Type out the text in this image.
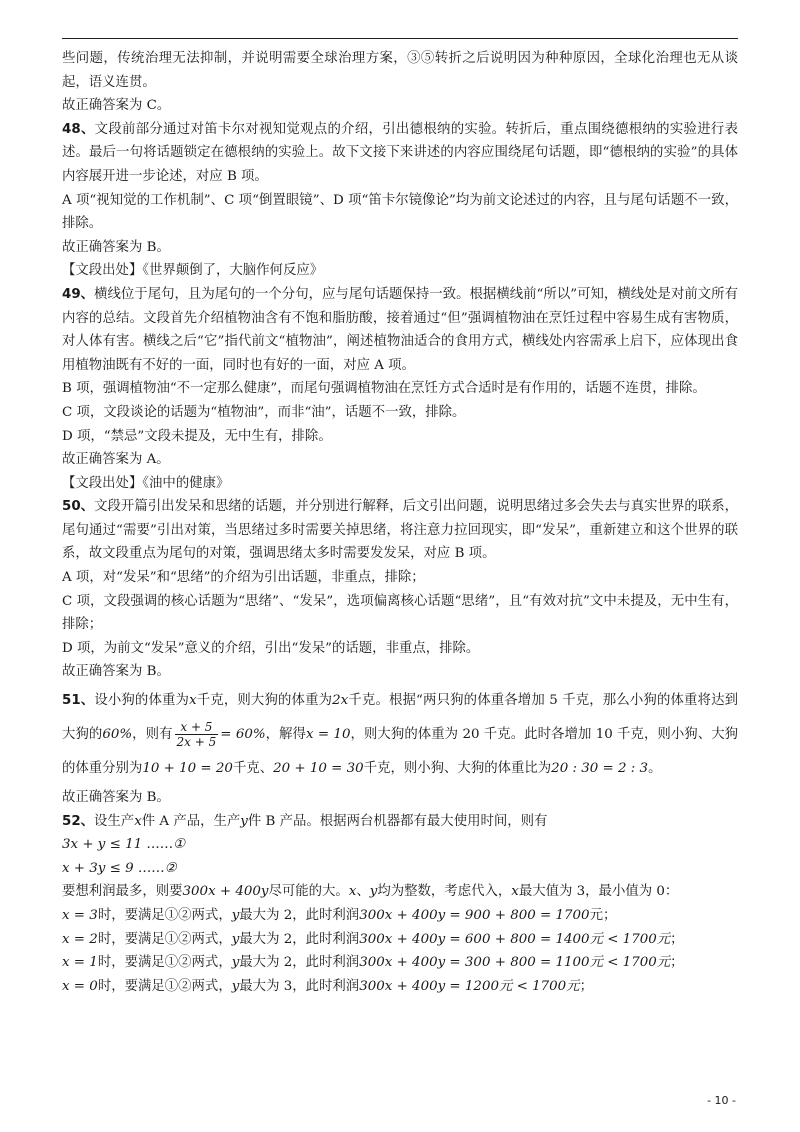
些问题，传统治理无法抑制，并说明需要全球治理方案，③⑤转折之后说明因为种种原因，全球化治理也无从谈起，语义连贯。

故正确答案为 C。

48、文段前部分通过对笛卡尔对视知觉观点的介绍，引出德根纳的实验。转折后，重点围绕德根纳的实验进行表述。最后一句将话题锁定在德根纳的实验上。故下文接下来讲述的内容应围绕尾句话题，即“德根纳的实验”的具体内容展开进一步论述，对应 B 项。

A 项“视知觉的工作机制”、C 项“倒置眼镜”、D 项“笛卡尔镜像论”均为前文论述过的内容，且与尾句话题不一致，排除。

故正确答案为 B。

【文段出处】《世界颠倒了，大脑作何反应》

49、横线位于尾句，且为尾句的一个分句，应与尾句话题保持一致。根据横线前“所以”可知，横线处是对前文所有内容的总结。文段首先介绍植物油含有不饱和脂肪酸，接着通过“但”强调植物油在烹饪过程中容易生成有害物质，对人体有害。横线之后“它”指代前文“植物油”，阐述植物油适合的食用方式，横线处内容需承上启下，应体现出食用植物油既有不好的一面，同时也有好的一面，对应 A 项。

B 项，强调植物油“不一定那么健康”，而尾句强调植物油在烹饪方式合适时是有作用的，话题不连贯，排除。

C 项，文段谈论的话题为“植物油”，而非“油”，话题不一致，排除。

D 项，“禁忌”文段未提及，无中生有，排除。

故正确答案为 A。

【文段出处】《油中的健康》

50、文段开篇引出发呆和思绪的话题，并分别进行解释，后文引出问题，说明思绪过多会失去与真实世界的联系，尾句通过“需要”引出对策，当思绪过多时需要关掉思绪，将注意力拉回现实，即“发呆”，重新建立和这个世界的联系，故文段重点为尾句的对策，强调思绪太多时需要发发呆，对应 B 项。

A 项，对“发呆”和“思绪”的介绍为引出话题，非重点，排除；

C 项，文段强调的核心话题为“思绪”、“发呆”，选项偏离核心话题“思绪”，且“有效对抗”文中未提及，无中生有，排除；

D 项，为前文“发呆”意义的介绍，引出“发呆”的话题，非重点，排除。

故正确答案为 B。

51、设小狗的体重为x千克，则大狗的体重为2x千克。根据“两只狗的体重各增加 5 千克，那么小狗的体重将达到大狗的60%，则有 $\frac{x + 5}{2x + 5} = 60\%$，解得x = 10，则大狗的体重为 20 千克。此时各增加 10 千克，则小狗、大狗的体重分别为10 + 10 = 20千克、20 + 10 = 30千克，则小狗、大狗的体重比为20 : 30 = 2 : 3。

故正确答案为 B。

52、设生产x件 A 产品，生产y件 B 产品。根据两台机器都有最大使用时间，则有

3x + y ≤ 11 ……①

x + 3y ≤ 9 ……②

要想利润最多，则要300x + 400y尽可能的大。x、y均为整数，考虑代入，x最大值为 3，最小值为 0：

x = 3时，要满足①②两式，y最大为 2，此时利润300x + 400y = 900 + 800 = 1700元；

x = 2时，要满足①②两式，y最大为 2，此时利润300x + 400y = 600 + 800 = 1400元 < 1700元；

x = 1时，要满足①②两式，y最大为 2，此时利润300x + 400y = 300 + 800 = 1100元 < 1700元；

x = 0时，要满足①②两式，y最大为 3，此时利润300x + 400y = 1200元 < 1700元；

- 10 -
